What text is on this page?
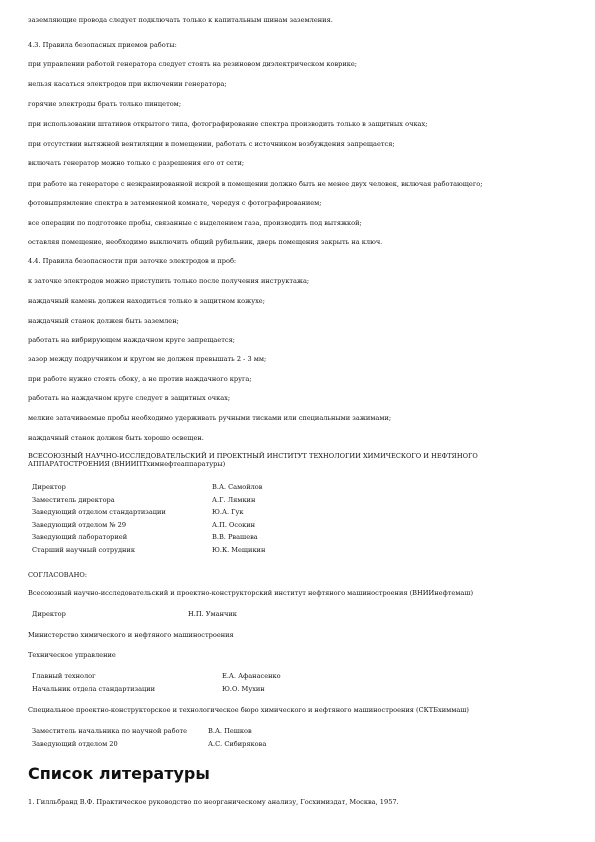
заземляющие провода следует подключать только к капитальным шинам заземления.
4.3. Правила безопасных приемов работы:
при управлении работой генератора следует стоять на резиновом диэлектрическом коврике;
нельзя касаться электродов при включении генератора;
горячие электроды брать только пинцетом;
при использовании штативов открытого типа, фотографирование спектра производить только в защитных очках;
при отсутствии вытяжной вентиляции в помещении, работать с источником возбуждения запрещается;
включать генератор можно только с разрешения его от сети;
при работе на генераторе с неэкранированной искрой в помещении должно быть не менее двух человек, включая работающего;
фотовыпрямление спектра в затемненной комнате, чередуя с фотографированием;
все операции по подготовке пробы, связанные с выделением газа, производить под вытяжкой;
оставляя помещение, необходимо выключить общий рубильник, дверь помещения закрыть на ключ.
4.4. Правила безопасности при заточке электродов и проб:
к заточке электродов можно приступить только после получения инструктажа;
наждачный камень должен находиться только в защитном кожухе;
наждачный станок должен быть заземлен;
работать на вибрирующем наждачном круге запрещается;
зазор между подручником и кругом не должен превышать 2 - 3 мм;
при работе нужно стоять сбоку, а не против наждачного круга;
работать на наждачном круге следует в защитных очках;
мелкие затачиваемые пробы необходимо удерживать ручными тисками или специальными зажимами;
наждачный станок должен быть хорошо освещен.
ВСЕСОЮЗНЫЙ НАУЧНО-ИССЛЕДОВАТЕЛЬСКИЙ И ПРОЕКТНЫЙ ИНСТИТУТ ТЕХНОЛОГИИ ХИМИЧЕСКОГО И НЕФТЯНОГО АППАРАТОСТРОЕНИЯ (ВНИИПТхимнефтеаппаратуры)
Директор	В.А. Самойлов
Заместитель директора	А.Г. Лямкин
Заведующий отделом стандартизации	Ю.А. Гук
Заведующий отделом № 29	А.П. Осокин
Заведующий лабораторией	В.В. Рвашева
Старший научный сотрудник	Ю.К. Мещикин
СОГЛАСОВАНО:
Всесоюзный научно-исследовательский и проектно-конструкторский институт нефтяного машиностроения (ВНИИнефтемаш)
Директор	Н.П. Уманчик
Министерство химического и нефтяного машиностроения
Техническое управление
Главный технолог	Е.А. Афанасенко
Начальник отдела стандартизации	Ю.О. Мухин
Специальное проектно-конструкторское и технологическое бюро химического и нефтяного машиностроения (СКТБхиммаш)
Заместитель начальника по научной работе	В.А. Пешков
Заведующий отделом 20	А.С. Сибирякова
Список литературы
1. Гилльбранд В.Ф. Практическое руководство по неорганическому анализу, Госхимиздат, Москва, 1957.
